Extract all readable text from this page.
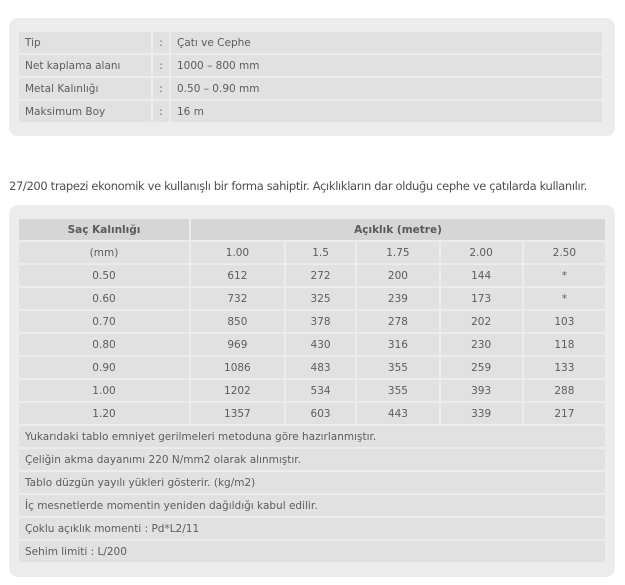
Tip	:	Çatı ve Cephe
Net kaplama alanı	:	1000 – 800 mm
Metal Kalınlığı	:	0.50 – 0.90 mm
Maksimum Boy	:	16 m
27/200 trapezi ekonomik ve kullanışlı bir forma sahiptir. Açıklıkların dar olduğu cephe ve çatılarda kullanılır.
Saç Kalınlığı	Açıklık (metre)				
(mm)	1.00	1.5	1.75	2.00	2.50
0.50	612	272	200	144	*
0.60	732	325	239	173	*
0.70	850	378	278	202	103
0.80	969	430	316	230	118
0.90	1086	483	355	259	133
1.00	1202	534	355	393	288
1.20	1357	603	443	339	217
Yukarıdaki tablo emniyet gerilmeleri metoduna göre hazırlanmıştır.					
Çeliğin akma dayanımı 220 N/mm2 olarak alınmıştır.					
Tablo düzgün yayılı yükleri gösterir. (kg/m2)					
İç mesnetlerde momentin yeniden dağıldığı kabul edilir.					
Çoklu açıklık momenti : Pd*L2/11					
Sehim limiti : L/200					
